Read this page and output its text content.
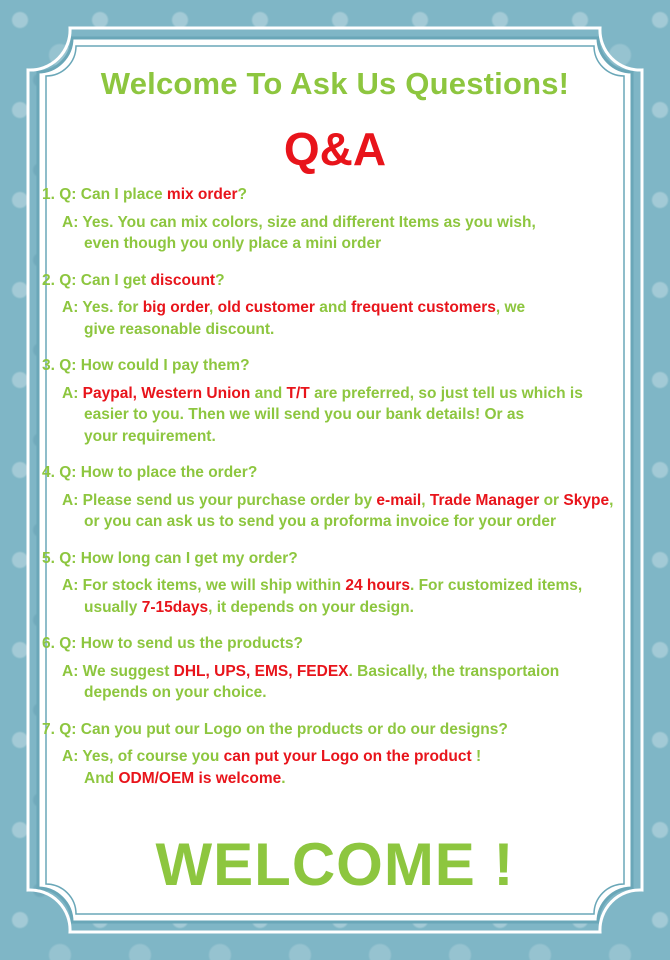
Welcome To Ask Us Questions!
Q&A
1. Q: Can I place mix order?
A: Yes. You can mix colors, size and different Items as you wish,
even though you only place a mini order
2. Q: Can I get discount?
A: Yes. for big order, old customer and frequent customers, we
give reasonable discount.
3. Q: How could I pay them?
A: Paypal, Western Union and T/T are preferred, so just tell us which is
easier to you. Then we will send you our bank details! Or as
your requirement.
4. Q: How to place the order?
A: Please send us your purchase order by e-mail, Trade Manager or Skype,
or you can ask us to send you a proforma invoice for your order
5. Q: How long can I get my order?
A: For stock items, we will ship within 24 hours. For customized items,
usually 7-15days, it depends on your design.
6. Q: How to send us the products?
A: We suggest DHL, UPS, EMS, FEDEX. Basically, the transportaion
depends on your choice.
7. Q: Can you put our Logo on the products or do our designs?
A: Yes, of course you can put your Logo on the product !
And ODM/OEM is welcome.
WELCOME !
